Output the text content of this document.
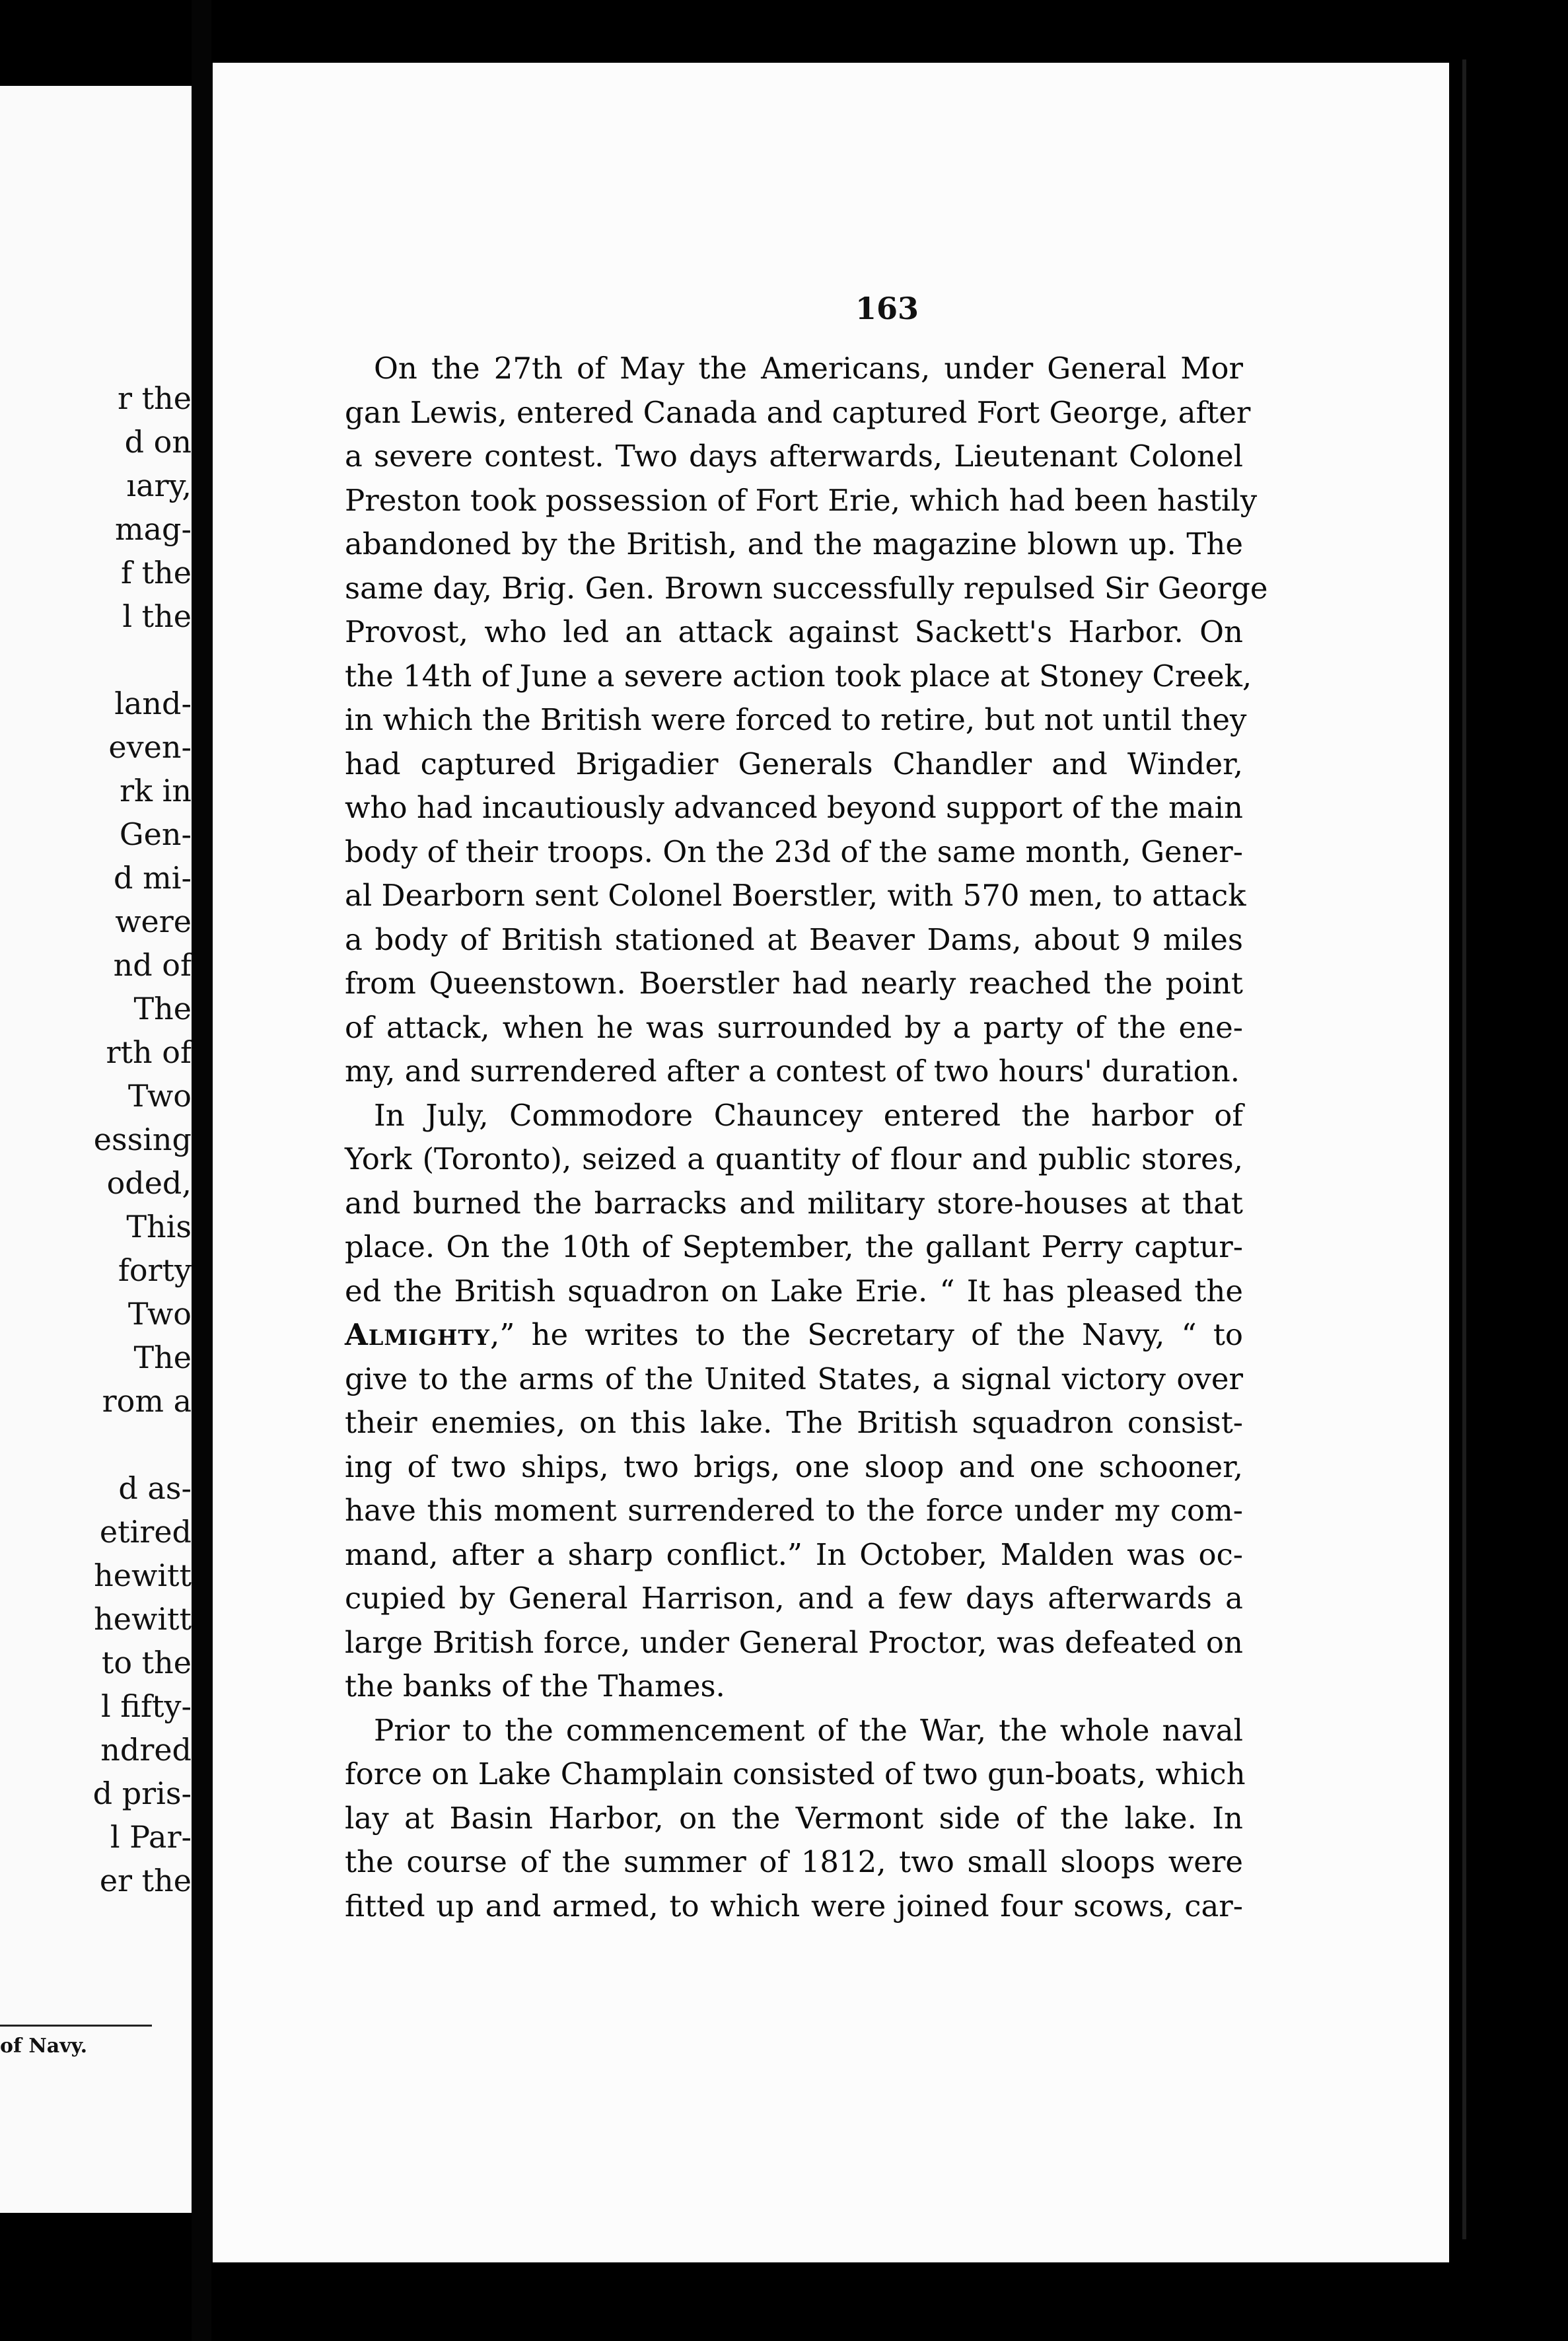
r the
d on
ıary,
mag-
f the
l the
land-
even-
rk in
Gen-
d mi-
were
nd of
The
rth of
Two
essing
oded,
This
forty
Two
The
rom a
d as-
etired
hewitt
hewitt
to the
l fifty-
ndred
d pris-
l Par-
er the
of Navy.
163
On the 27th of May the Americans, under General Mor
gan Lewis, entered Canada and captured Fort George, after
a severe contest. Two days afterwards, Lieutenant Colonel
Preston took possession of Fort Erie, which had been hastily
abandoned by the British, and the magazine blown up. The
same day, Brig. Gen. Brown successfully repulsed Sir George
Provost, who led an attack against Sackett's Harbor. On
the 14th of June a severe action took place at Stoney Creek,
in which the British were forced to retire, but not until they
had captured Brigadier Generals Chandler and Winder,
who had incautiously advanced beyond support of the main
body of their troops. On the 23d of the same month, Gener-
al Dearborn sent Colonel Boerstler, with 570 men, to attack
a body of British stationed at Beaver Dams, about 9 miles
from Queenstown. Boerstler had nearly reached the point
of attack, when he was surrounded by a party of the ene-
my, and surrendered after a contest of two hours' duration.
In July, Commodore Chauncey entered the harbor of
York (Toronto), seized a quantity of flour and public stores,
and burned the barracks and military store-houses at that
place. On the 10th of September, the gallant Perry captur-
ed the British squadron on Lake Erie. “ It has pleased the
Almighty,” he writes to the Secretary of the Navy, “ to
give to the arms of the United States, a signal victory over
their enemies, on this lake. The British squadron consist-
ing of two ships, two brigs, one sloop and one schooner,
have this moment surrendered to the force under my com-
mand, after a sharp conflict.” In October, Malden was oc-
cupied by General Harrison, and a few days afterwards a
large British force, under General Proctor, was defeated on
the banks of the Thames.
Prior to the commencement of the War, the whole naval
force on Lake Champlain consisted of two gun-boats, which
lay at Basin Harbor, on the Vermont side of the lake. In
the course of the summer of 1812, two small sloops were
fitted up and armed, to which were joined four scows, car-
